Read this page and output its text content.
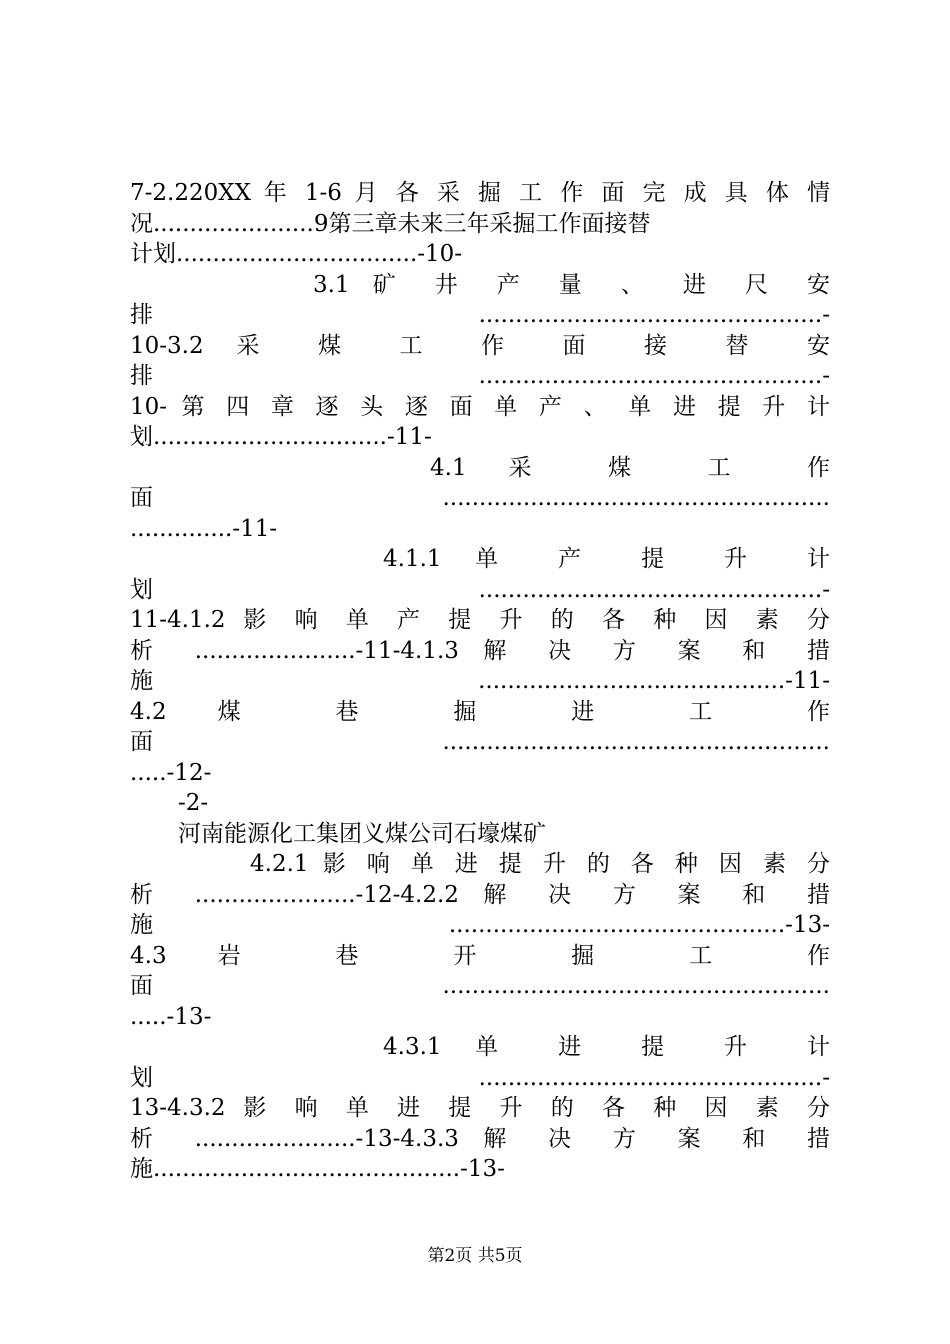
7-2.220XX 年 1-6 月 各 采 掘 工 作 面 完 成 具 体 情
况......................9第三章未来三年采掘工作面接替
计划.................................-10-
3.1 矿 井 产 量 、 进 尺 安
排 ...............................................-
10-3.2 采 煤 工 作 面 接 替 安
排 ...............................................-
10- 第 四 章 逐 头 逐 面 单 产 、 单 进 提 升 计
划................................-11-
4.1 采 煤 工 作
面.....................................................
..............-11-
4.1.1 单 产 提 升 计
划 ...............................................-
11-4.1.2 影 响 单 产 提 升 的 各 种 因 素 分
析 ......................-11-4.1.3 解 决 方 案 和 措
施 ..........................................-11-
4.2 煤 巷 掘 进 工 作
面.....................................................
.....-12-
-2-
河南能源化工集团义煤公司石壕煤矿
4.2.1 影 响 单 进 提 升 的 各 种 因 素 分
析 ......................-12-4.2.2 解 决 方 案 和 措
施 ..............................................-13-
4.3 岩 巷 开 掘 工 作
面.....................................................
.....-13-
4.3.1 单 进 提 升 计
划 ...............................................-
13-4.3.2 影 响 单 进 提 升 的 各 种 因 素 分
析 ......................-13-4.3.3 解 决 方 案 和 措
施..........................................-13-
第2页 共5页
